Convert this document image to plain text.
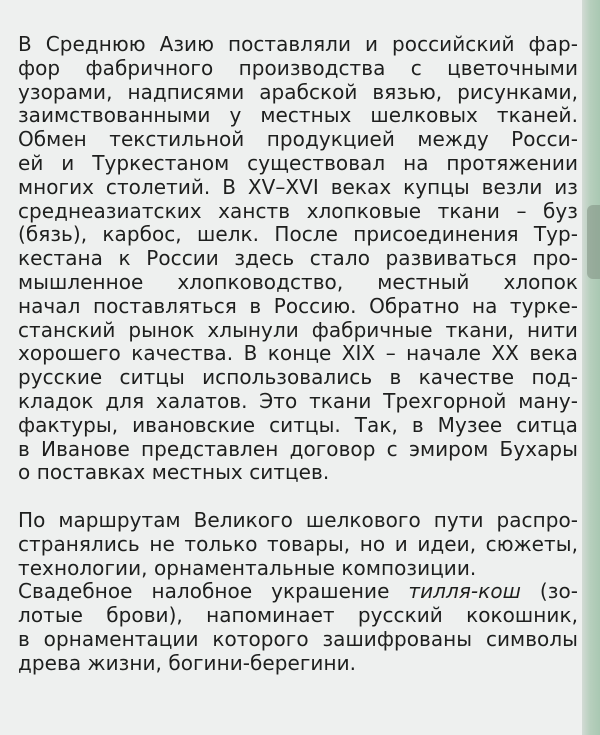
В Среднюю Азию поставляли и российский фар-
фор фабричного производства с цветочными
узорами, надписями арабской вязью, рисунками,
заимствованными у местных шелковых тканей.
Обмен текстильной продукцией между Росси-
ей и Туркестаном существовал на протяжении
многих столетий. В XV–XVI веках купцы везли из
среднеазиатских ханств хлопковые ткани – буз
(бязь), карбос, шелк. После присоединения Тур-
кестана к России здесь стало развиваться про-
мышленное хлопководство, местный хлопок
начал поставляться в Россию. Обратно на турке-
станский рынок хлынули фабричные ткани, нити
хорошего качества. В конце XIX – начале XX века
русские ситцы использовались в качестве под-
кладок для халатов. Это ткани Трехгорной ману-
фактуры, ивановские ситцы. Так, в Музее ситца
в Иванове представлен договор с эмиром Бухары
о поставках местных ситцев.
По маршрутам Великого шелкового пути распро-
странялись не только товары, но и идеи, сюжеты,
технологии, орнаментальные композиции.
Свадебное налобное украшение тилля-кош (зо-
лотые брови), напоминает русский кокошник,
в орнаментации которого зашифрованы символы
древа жизни, богини-берегини.
